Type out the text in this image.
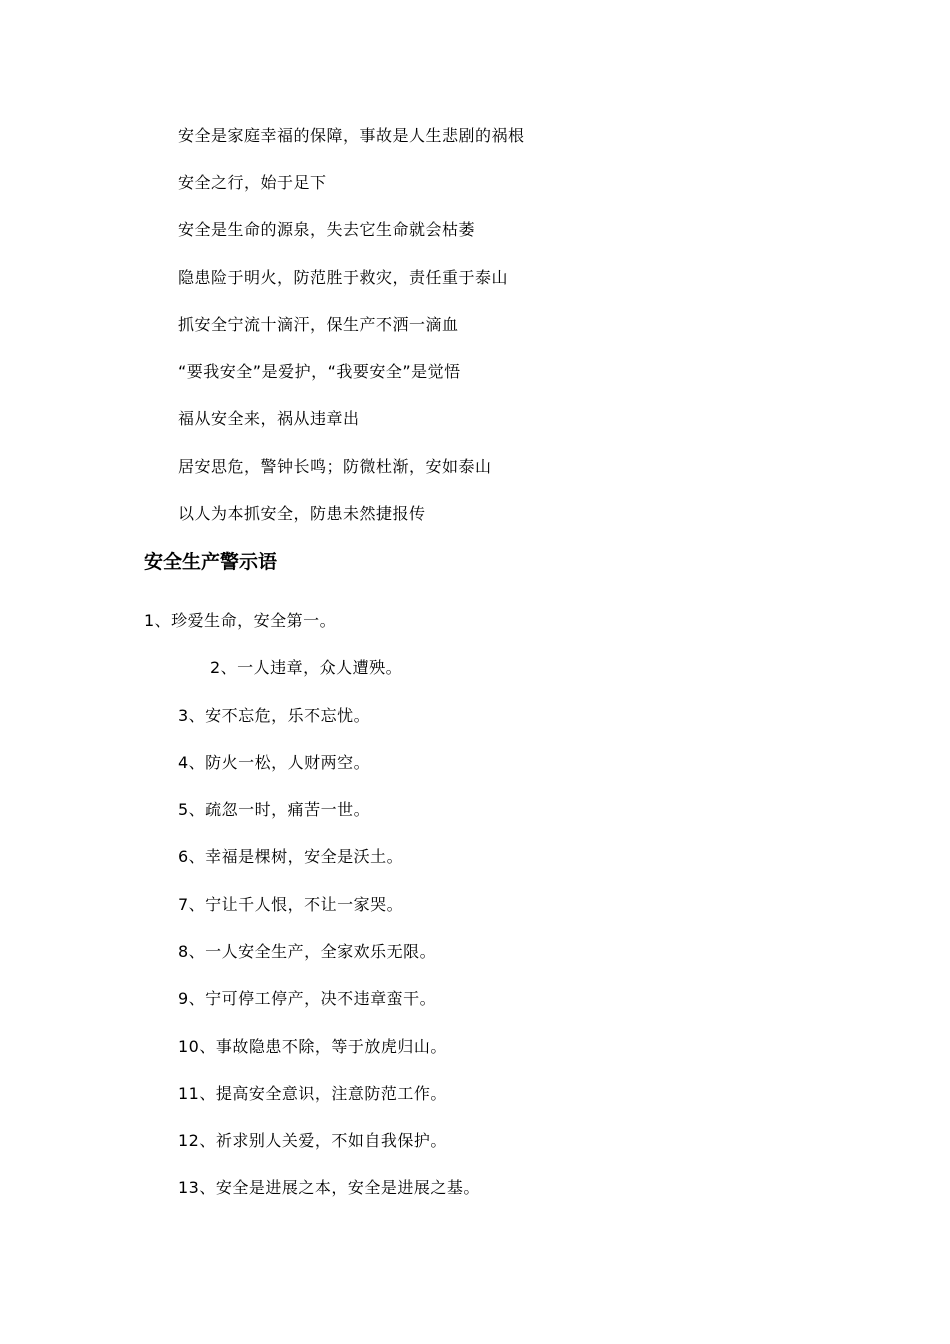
安全是家庭幸福的保障，事故是人生悲剧的祸根
安全之行，始于足下
安全是生命的源泉，失去它生命就会枯萎
隐患险于明火，防范胜于救灾，责任重于泰山
抓安全宁流十滴汗，保生产不洒一滴血
“要我安全”是爱护，“我要安全”是觉悟
福从安全来，祸从违章出
居安思危，警钟长鸣；防微杜渐，安如泰山
以人为本抓安全，防患未然捷报传
安全生产警示语
1、珍爱生命，安全第一。
2、一人违章，众人遭殃。
3、安不忘危，乐不忘忧。
4、防火一松，人财两空。
5、疏忽一时，痛苦一世。
6、幸福是棵树，安全是沃土。
7、宁让千人恨，不让一家哭。
8、一人安全生产，全家欢乐无限。
9、宁可停工停产，决不违章蛮干。
10、事故隐患不除，等于放虎归山。
11、提高安全意识，注意防范工作。
12、祈求别人关爱，不如自我保护。
13、安全是进展之本，安全是进展之基。
